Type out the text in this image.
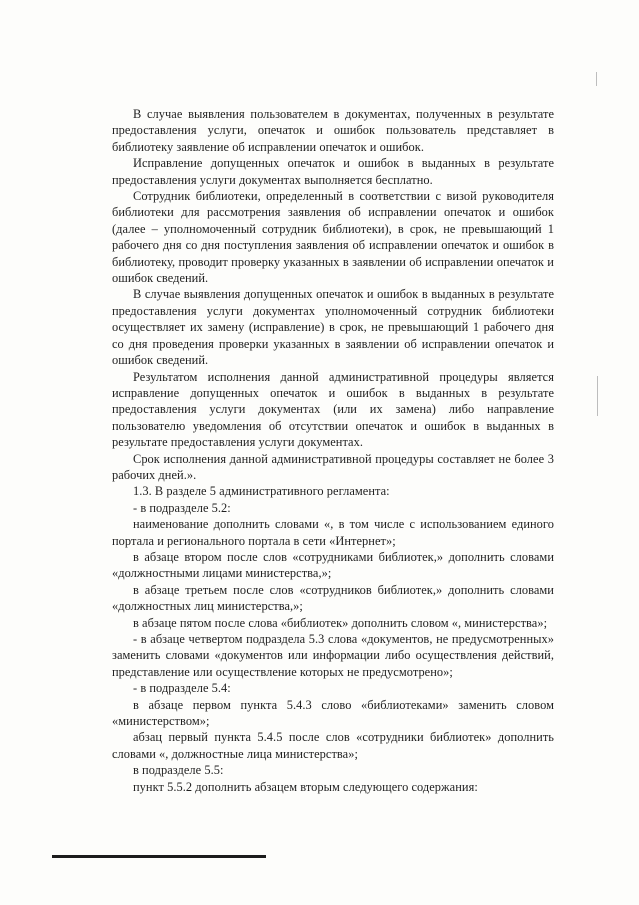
В случае выявления пользователем в документах, полученных в результате предоставления услуги, опечаток и ошибок пользователь представляет в библиотеку заявление об исправлении опечаток и ошибок.

Исправление допущенных опечаток и ошибок в выданных в результате предоставления услуги документах выполняется бесплатно.

Сотрудник библиотеки, определенный в соответствии с визой руководителя библиотеки для рассмотрения заявления об исправлении опечаток и ошибок (далее – уполномоченный сотрудник библиотеки), в срок, не превышающий 1 рабочего дня со дня поступления заявления об исправлении опечаток и ошибок в библиотеку, проводит проверку указанных в заявлении об исправлении опечаток и ошибок сведений.

В случае выявления допущенных опечаток и ошибок в выданных в результате предоставления услуги документах уполномоченный сотрудник библиотеки осуществляет их замену (исправление) в срок, не превышающий 1 рабочего дня со дня проведения проверки указанных в заявлении об исправлении опечаток и ошибок сведений.

Результатом исполнения данной административной процедуры является исправление допущенных опечаток и ошибок в выданных в результате предоставления услуги документах (или их замена) либо направление пользователю уведомления об отсутствии опечаток и ошибок в выданных в результате предоставления услуги документах.

Срок исполнения данной административной процедуры составляет не более 3 рабочих дней.».

1.3. В разделе 5 административного регламента:

- в подразделе 5.2:

наименование дополнить словами «, в том числе с использованием единого портала и регионального портала в сети «Интернет»;

в абзаце втором после слов «сотрудниками библиотек,» дополнить словами «должностными лицами министерства,»;

в абзаце третьем после слов «сотрудников библиотек,» дополнить словами «должностных лиц министерства,»;

в абзаце пятом после слова «библиотек» дополнить словом «, министерства»;

- в абзаце четвертом подраздела 5.3 слова «документов, не предусмотренных» заменить словами «документов или информации либо осуществления действий, представление или осуществление которых не предусмотрено»;

- в подразделе 5.4:

в абзаце первом пункта 5.4.3 слово «библиотеками» заменить словом «министерством»;

абзац первый пункта 5.4.5 после слов «сотрудники библиотек» дополнить словами «, должностные лица министерства»;

в подразделе 5.5:

пункт 5.5.2 дополнить абзацем вторым следующего содержания:
